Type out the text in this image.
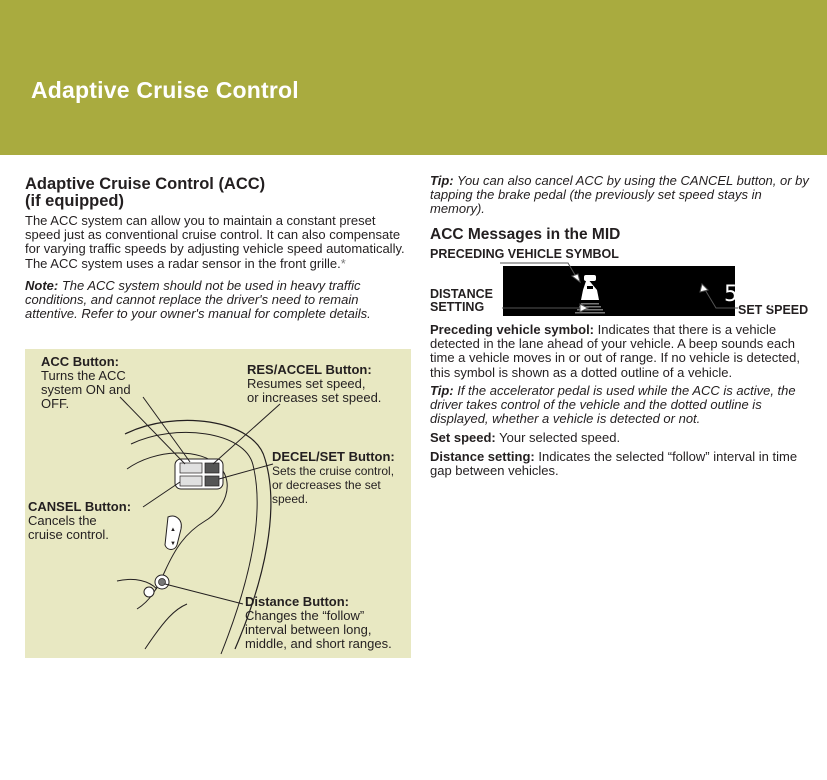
Adaptive Cruise Control

Adaptive Cruise Control (ACC)
(if equipped)

The ACC system can allow you to maintain a constant preset speed just as conventional cruise control. It can also compensate for varying traffic speeds by adjusting vehicle speed automatically. The ACC system uses a radar sensor in the front grille.*

Note: The ACC system should not be used in heavy traffic conditions, and cannot replace the driver's need to remain attentive. Refer to your owner's manual for complete details.

▲
▼
ACC Button:
Turns the ACC
system ON and
OFF.
RES/ACCEL Button:
Resumes set speed,
or increases set speed.
DECEL/SET Button:
Sets the cruise control,
or decreases the set
speed.
CANSEL Button:
Cancels the
cruise control.
Distance Button:
Changes the “follow”
interval between long,
middle, and short ranges.

Tip: You can also cancel ACC by using the CANCEL button, or by tapping the brake pedal (the previously set speed stays in memory).

ACC Messages in the MID

PRECEDING VEHICLE SYMBOL
DISTANCE
SETTING	SET SPEED
50 mph

Preceding vehicle symbol: Indicates that there is a vehicle detected in the lane ahead of your vehicle. A beep sounds each time a vehicle moves in or out of range. If no vehicle is detected, this symbol is shown as a dotted outline of a vehicle.

Tip: If the accelerator pedal is used while the ACC is active, the driver takes control of the vehicle and the dotted outline is displayed, whether a vehicle is detected or not.

Set speed: Your selected speed.

Distance setting: Indicates the selected “follow” interval in time gap between vehicles.
